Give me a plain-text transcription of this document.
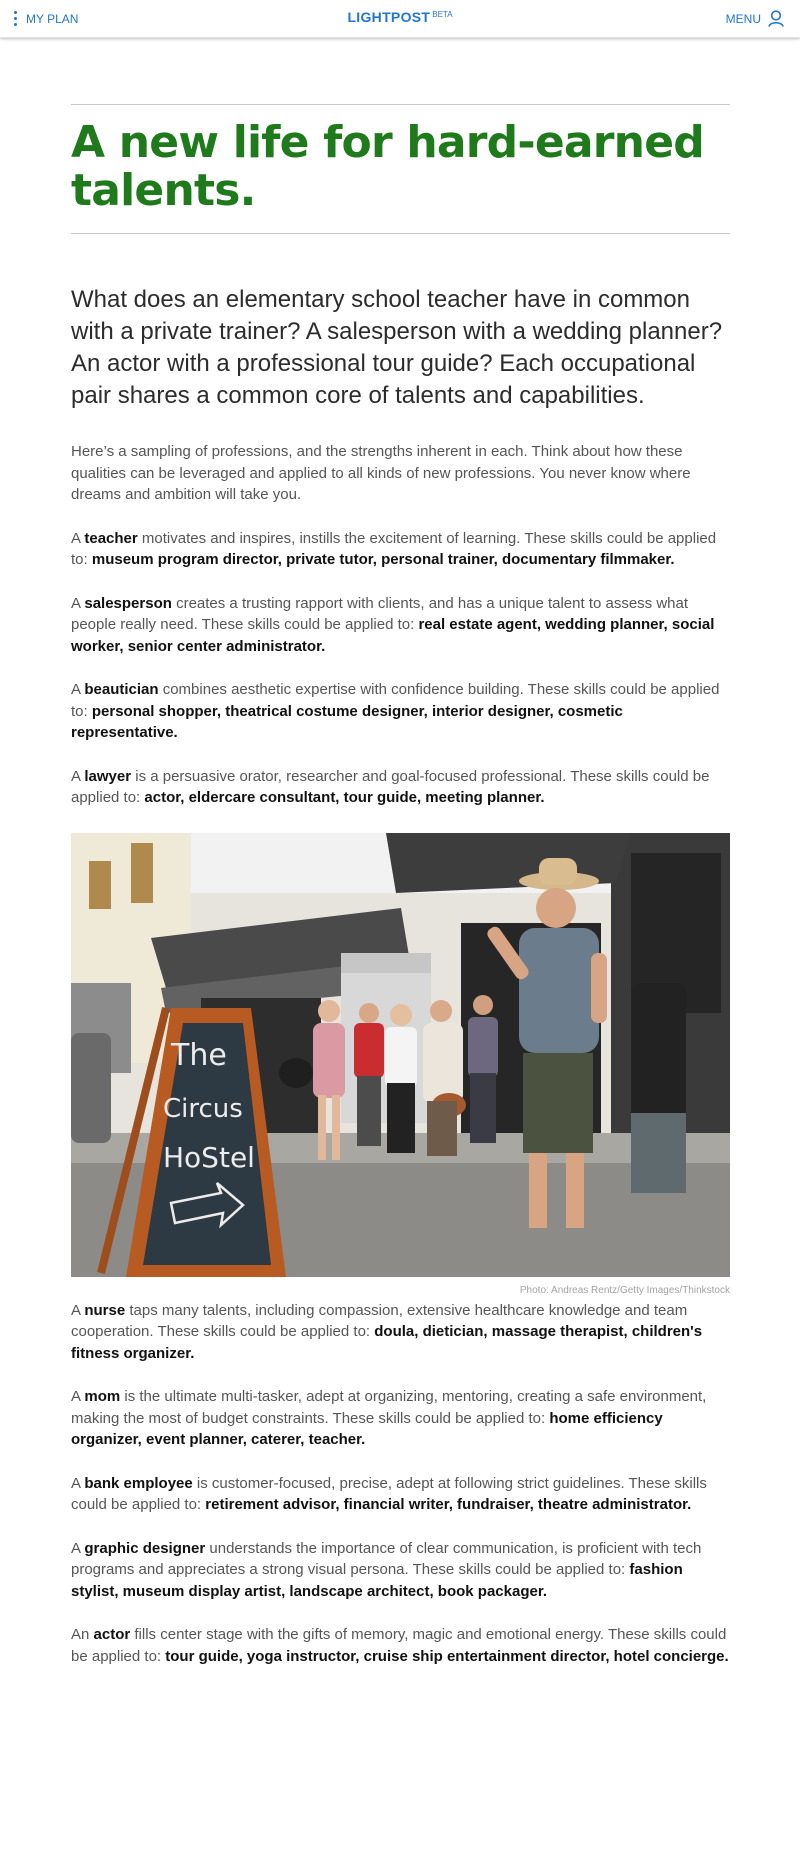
MY PLAN	LIGHTPOST $^{BETA}$	MENU
A new life for hard-earned talents.

What does an elementary school teacher have in common with a private trainer? A salesperson with a wedding planner? An actor with a professional tour guide? Each occupational pair shares a common core of talents and capabilities.

Here’s a sampling of professions, and the strengths inherent in each. Think about how these qualities can be leveraged and applied to all kinds of new professions. You never know where dreams and ambition will take you.

A teacher motivates and inspires, instills the excitement of learning. These skills could be applied to: museum program director, private tutor, personal trainer, documentary filmmaker.

A salesperson creates a trusting rapport with clients, and has a unique talent to assess what people really need. These skills could be applied to: real estate agent, wedding planner, social worker, senior center administrator.

A beautician combines aesthetic expertise with confidence building. These skills could be applied to: personal shopper, theatrical costume designer, interior designer, cosmetic representative.

A lawyer is a persuasive orator, researcher and goal-focused professional. These skills could be applied to: actor, eldercare consultant, tour guide, meeting planner.

The
Circus
HoStel
Photo: Andreas Rentz/Getty Images/Thinkstock

A nurse taps many talents, including compassion, extensive healthcare knowledge and team cooperation. These skills could be applied to: doula, dietician, massage therapist, children's fitness organizer.

A mom is the ultimate multi-tasker, adept at organizing, mentoring, creating a safe environment, making the most of budget constraints. These skills could be applied to: home efficiency organizer, event planner, caterer, teacher.

A bank employee is customer-focused, precise, adept at following strict guidelines. These skills could be applied to: retirement advisor, financial writer, fundraiser, theatre administrator.

A graphic designer understands the importance of clear communication, is proficient with tech programs and appreciates a strong visual persona. These skills could be applied to: fashion stylist, museum display artist, landscape architect, book packager.

An actor fills center stage with the gifts of memory, magic and emotional energy. These skills could be applied to: tour guide, yoga instructor, cruise ship entertainment director, hotel concierge.
